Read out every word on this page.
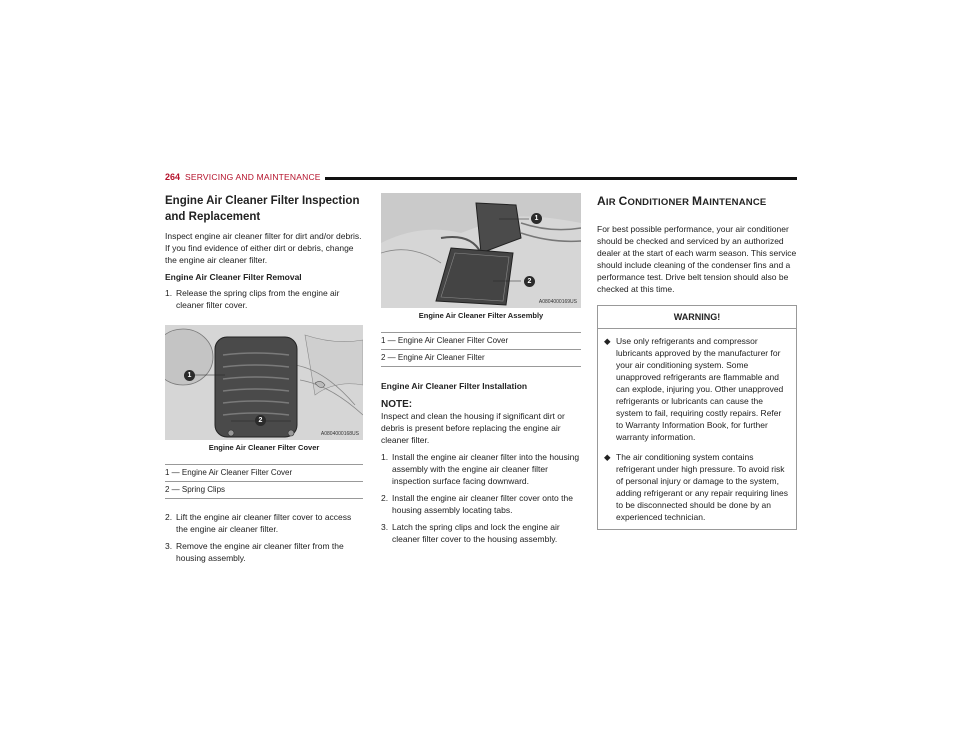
264 SERVICING AND MAINTENANCE
Engine Air Cleaner Filter Inspection and Replacement

Inspect engine air cleaner filter for dirt and/or debris. If you find evidence of either dirt or debris, change the engine air cleaner filter.

Engine Air Cleaner Filter Removal
1. Release the spring clips from the engine air cleaner filter cover.
1
2
A0804000168US
Engine Air Cleaner Filter Cover
1 — Engine Air Cleaner Filter Cover
2 — Spring Clips
2. Lift the engine air cleaner filter cover to access the engine air cleaner filter.
3. Remove the engine air cleaner filter from the housing assembly.
1
2
A0804000169US
Engine Air Cleaner Filter Assembly
1 — Engine Air Cleaner Filter Cover
2 — Engine Air Cleaner Filter
Engine Air Cleaner Filter Installation
NOTE:

Inspect and clean the housing if significant dirt or debris is present before replacing the engine air cleaner filter.

1. Install the engine air cleaner filter into the housing assembly with the engine air cleaner filter inspection surface facing downward.
2. Install the engine air cleaner filter cover onto the housing assembly locating tabs.
3. Latch the spring clips and lock the engine air cleaner filter cover to the housing assembly.
AIR CONDITIONER MAINTENANCE

For best possible performance, your air conditioner should be checked and serviced by an authorized dealer at the start of each warm season. This service should include cleaning of the condenser fins and a performance test. Drive belt tension should also be checked at this time.

WARNING!
◆ Use only refrigerants and compressor lubricants approved by the manufacturer for your air conditioning system. Some unapproved refrigerants are flammable and can explode, injuring you. Other unapproved refrigerants or lubricants can cause the system to fail, requiring costly repairs. Refer to Warranty Information Book, for further warranty information.
◆ The air conditioning system contains refrigerant under high pressure. To avoid risk of personal injury or damage to the system, adding refrigerant or any repair requiring lines to be disconnected should be done by an experienced technician.
